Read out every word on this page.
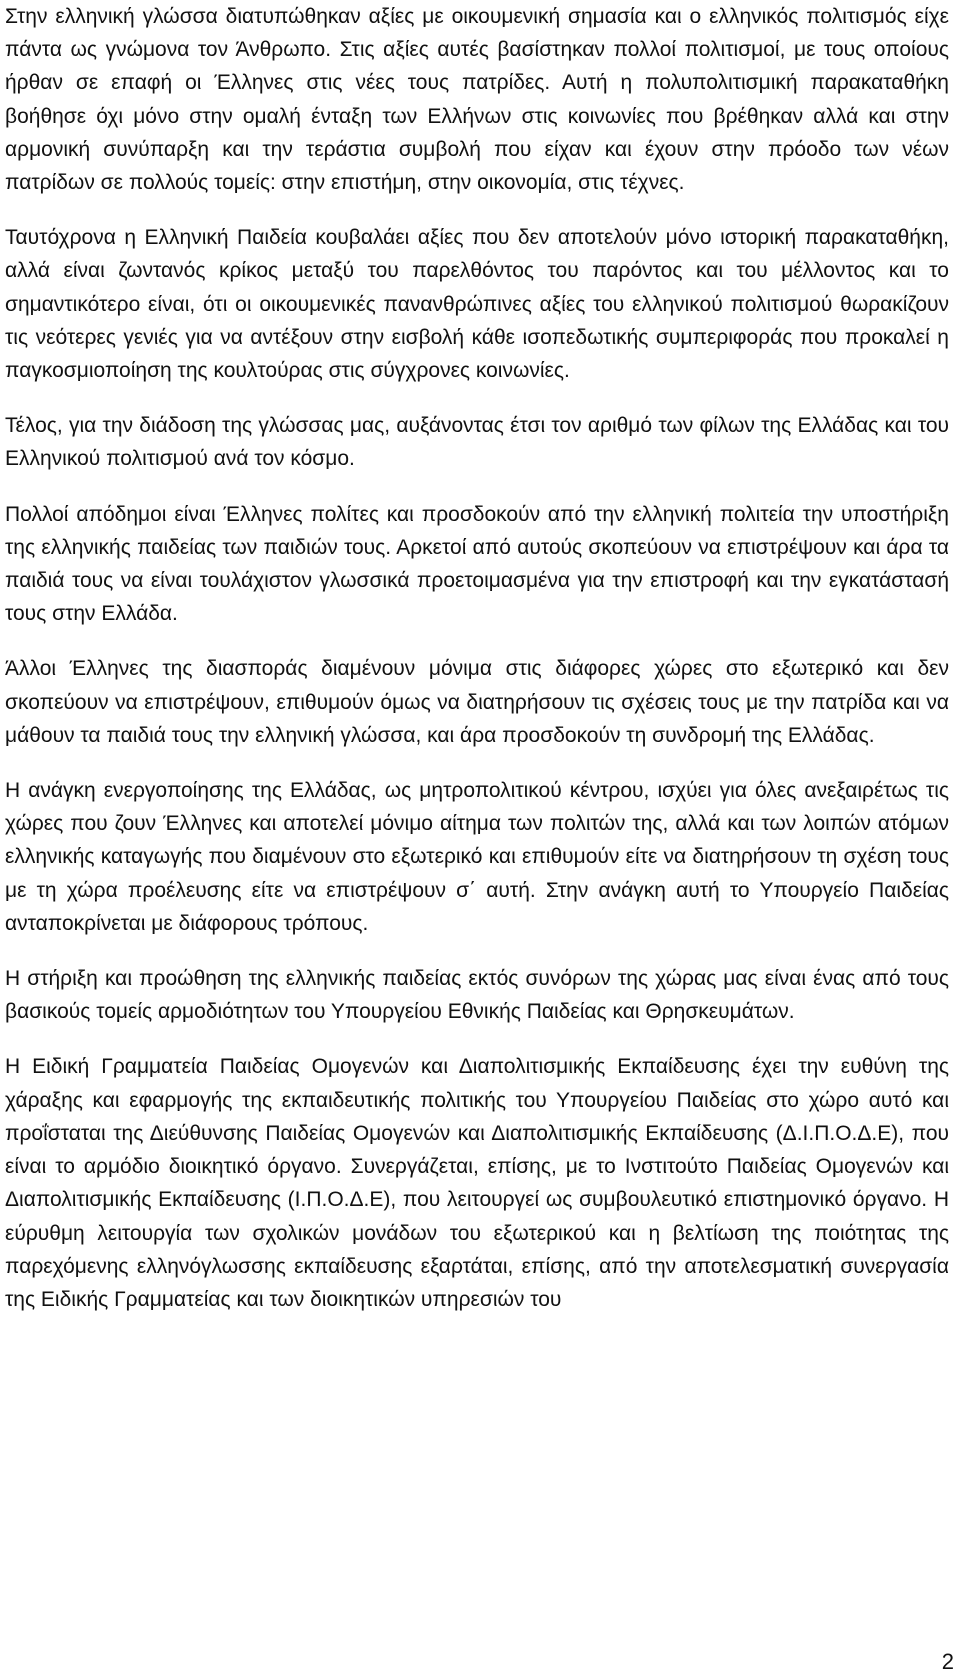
Στην ελληνική γλώσσα διατυπώθηκαν αξίες με οικουμενική σημασία και ο ελληνικός πολιτισμός είχε πάντα ως γνώμονα τον Άνθρωπο. Στις αξίες αυτές βασίστηκαν πολλοί πολιτισμοί, με τους οποίους ήρθαν σε επαφή οι Έλληνες στις νέες τους πατρίδες. Αυτή η πολυπολιτισμική παρακαταθήκη βοήθησε όχι μόνο στην ομαλή ένταξη των Ελλήνων στις κοινωνίες που βρέθηκαν αλλά και στην αρμονική συνύπαρξη και την τεράστια συμβολή που είχαν και έχουν στην πρόοδο των νέων πατρίδων σε πολλούς τομείς: στην επιστήμη, στην οικονομία, στις τέχνες.

Ταυτόχρονα η Ελληνική Παιδεία κουβαλάει αξίες που δεν αποτελούν μόνο ιστορική παρακαταθήκη, αλλά είναι ζωντανός κρίκος μεταξύ του παρελθόντος του παρόντος και του μέλλοντος και το σημαντικότερο είναι, ότι οι οικουμενικές πανανθρώπινες αξίες του ελληνικού πολιτισμού θωρακίζουν τις νεότερες γενιές για να αντέξουν στην εισβολή κάθε ισοπεδωτικής συμπεριφοράς που προκαλεί η παγκοσμιοποίηση της κουλτούρας στις σύγχρονες κοινωνίες.

Τέλος, για την διάδοση της γλώσσας μας, αυξάνοντας έτσι τον αριθμό των φίλων της Ελλάδας και του Ελληνικού πολιτισμού ανά τον κόσμο.

Πολλοί απόδημοι είναι Έλληνες πολίτες και προσδοκούν από την ελληνική πολιτεία την υποστήριξη της ελληνικής παιδείας των παιδιών τους. Αρκετοί από αυτούς σκοπεύουν να επιστρέψουν και άρα τα παιδιά τους να είναι τουλάχιστον γλωσσικά προετοιμασμένα για την επιστροφή και την εγκατάστασή τους στην Ελλάδα.

Άλλοι Έλληνες της διασποράς διαμένουν μόνιμα στις διάφορες χώρες στο εξωτερικό και δεν σκοπεύουν να επιστρέψουν, επιθυμούν όμως να διατηρήσουν τις σχέσεις τους με την πατρίδα και να μάθουν τα παιδιά τους την ελληνική γλώσσα, και άρα προσδοκούν τη συνδρομή της Ελλάδας.

Η ανάγκη ενεργοποίησης της Ελλάδας, ως μητροπολιτικού κέντρου, ισχύει για όλες ανεξαιρέτως τις χώρες που ζουν Έλληνες και αποτελεί μόνιμο αίτημα των πολιτών της, αλλά και των λοιπών ατόμων ελληνικής καταγωγής που διαμένουν στο εξωτερικό και επιθυμούν είτε να διατηρήσουν τη σχέση τους με τη χώρα προέλευσης είτε να επιστρέψουν σ΄ αυτή. Στην ανάγκη αυτή το Υπουργείο Παιδείας ανταποκρίνεται με διάφορους τρόπους.

Η στήριξη και προώθηση της ελληνικής παιδείας εκτός συνόρων της χώρας μας είναι ένας από τους βασικούς τομείς αρμοδιότητων του Υπουργείου Εθνικής Παιδείας και Θρησκευμάτων.

Η Ειδική Γραμματεία Παιδείας Ομογενών και Διαπολιτισμικής Εκπαίδευσης έχει την ευθύνη της χάραξης και εφαρμογής της εκπαιδευτικής πολιτικής του Υπουργείου Παιδείας στο χώρο αυτό και προΐσταται της Διεύθυνσης Παιδείας Ομογενών και Διαπολιτισμικής Εκπαίδευσης (Δ.Ι.Π.Ο.Δ.Ε), που είναι το αρμόδιο διοικητικό όργανο. Συνεργάζεται, επίσης, με το Ινστιτούτο Παιδείας Ομογενών και Διαπολιτισμικής Εκπαίδευσης (Ι.Π.Ο.Δ.Ε), που λειτουργεί ως συμβουλευτικό επιστημονικό όργανο. Η εύρυθμη λειτουργία των σχολικών μονάδων του εξωτερικού και η βελτίωση της ποιότητας της παρεχόμενης ελληνόγλωσσης εκπαίδευσης εξαρτάται, επίσης, από την αποτελεσματική συνεργασία της Ειδικής Γραμματείας και των διοικητικών υπηρεσιών του

2
